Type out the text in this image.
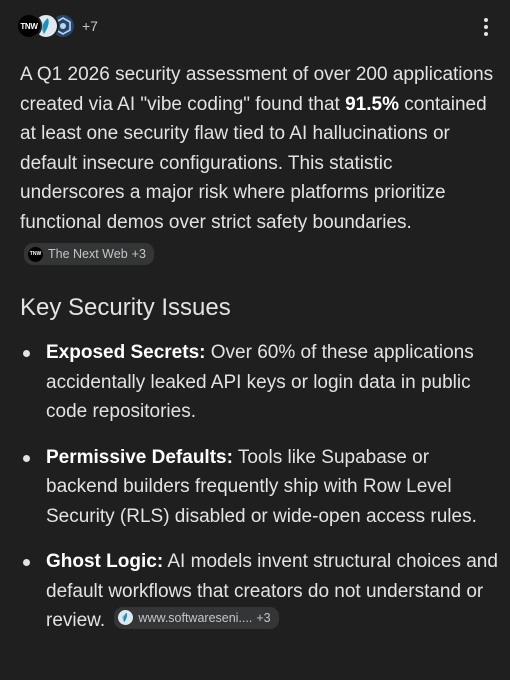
TNW	+7

A Q1 2026 security assessment of over 200 applications created via AI "vibe coding" found that 91.5% contained at least one security flaw tied to AI hallucinations or default insecure configurations. This statistic underscores a major risk where platforms prioritize functional demos over strict safety boundaries.
TNW The Next Web +3

Key Security Issues
Exposed Secrets: Over 60% of these applications accidentally leaked API keys or login data in public code repositories.
Permissive Defaults: Tools like Supabase or backend builders frequently ship with Row Level Security (RLS) disabled or wide-open access rules.
Ghost Logic: AI models invent structural choices and default workflows that creators do not understand or review.	www.softwareseni.... +3
